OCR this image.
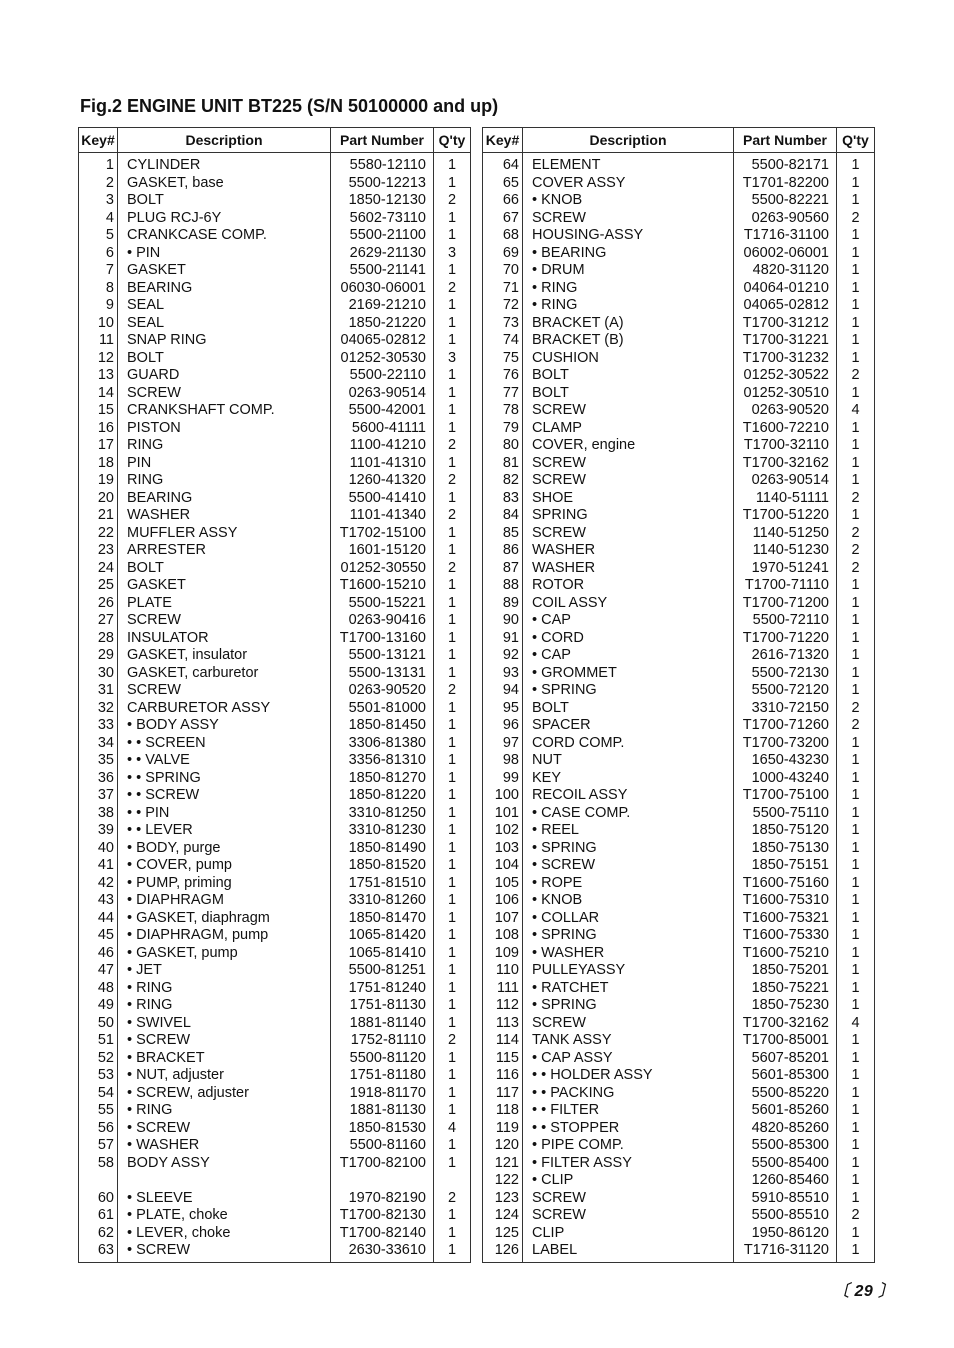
Fig.2 ENGINE UNIT BT225 (S/N 50100000 and up)
Key#	Description	Part Number	Q'ty
1	CYLINDER	5580-12110	1
2	GASKET, base	5500-12213	1
3	BOLT	1850-12130	2
4	PLUG RCJ-6Y	5602-73110	1
5	CRANKCASE COMP.	5500-21100	1
6	• PIN	2629-21130	3
7	GASKET	5500-21141	1
8	BEARING	06030-06001	2
9	SEAL	2169-21210	1
10	SEAL	1850-21220	1
11	SNAP RING	04065-02812	1
12	BOLT	01252-30530	3
13	GUARD	5500-22110	1
14	SCREW	0263-90514	1
15	CRANKSHAFT COMP.	5500-42001	1
16	PISTON	5600-41111	1
17	RING	1100-41210	2
18	PIN	1101-41310	1
19	RING	1260-41320	2
20	BEARING	5500-41410	1
21	WASHER	1101-41340	2
22	MUFFLER ASSY	T1702-15100	1
23	ARRESTER	1601-15120	1
24	BOLT	01252-30550	2
25	GASKET	T1600-15210	1
26	PLATE	5500-15221	1
27	SCREW	0263-90416	1
28	INSULATOR	T1700-13160	1
29	GASKET, insulator	5500-13121	1
30	GASKET, carburetor	5500-13131	1
31	SCREW	0263-90520	2
32	CARBURETOR ASSY	5501-81000	1
33	• BODY ASSY	1850-81450	1
34	• • SCREEN	3306-81380	1
35	• • VALVE	3356-81310	1
36	• • SPRING	1850-81270	1
37	• • SCREW	1850-81220	1
38	• • PIN	3310-81250	1
39	• • LEVER	3310-81230	1
40	• BODY, purge	1850-81490	1
41	• COVER, pump	1850-81520	1
42	• PUMP, priming	1751-81510	1
43	• DIAPHRAGM	3310-81260	1
44	• GASKET, diaphragm	1850-81470	1
45	• DIAPHRAGM, pump	1065-81420	1
46	• GASKET, pump	1065-81410	1
47	• JET	5500-81251	1
48	• RING	1751-81240	1
49	• RING	1751-81130	1
50	• SWIVEL	1881-81140	1
51	• SCREW	1752-81110	2
52	• BRACKET	5500-81120	1
53	• NUT, adjuster	1751-81180	1
54	• SCREW, adjuster	1918-81170	1
55	• RING	1881-81130	1
56	• SCREW	1850-81530	4
57	• WASHER	5500-81160	1
58	BODY ASSY	T1700-82100	1

60	• SLEEVE	1970-82190	2
61	• PLATE, choke	T1700-82130	1
62	• LEVER, choke	T1700-82140	1
63	• SCREW	2630-33610	1
Key#	Description	Part Number	Q'ty
64	ELEMENT	5500-82171	1
65	COVER ASSY	T1701-82200	1
66	• KNOB	5500-82221	1
67	SCREW	0263-90560	2
68	HOUSING-ASSY	T1716-31100	1
69	• BEARING	06002-06001	1
70	• DRUM	4820-31120	1
71	• RING	04064-01210	1
72	• RING	04065-02812	1
73	BRACKET (A)	T1700-31212	1
74	BRACKET (B)	T1700-31221	1
75	CUSHION	T1700-31232	1
76	BOLT	01252-30522	2
77	BOLT	01252-30510	1
78	SCREW	0263-90520	4
79	CLAMP	T1600-72210	1
80	COVER, engine	T1700-32110	1
81	SCREW	T1700-32162	1
82	SCREW	0263-90514	1
83	SHOE	1140-51111	2
84	SPRING	T1700-51220	1
85	SCREW	1140-51250	2
86	WASHER	1140-51230	2
87	WASHER	1970-51241	2
88	ROTOR	T1700-71110	1
89	COIL ASSY	T1700-71200	1
90	• CAP	5500-72110	1
91	• CORD	T1700-71220	1
92	• CAP	2616-71320	1
93	• GROMMET	5500-72130	1
94	• SPRING	5500-72120	1
95	BOLT	3310-72150	2
96	SPACER	T1700-71260	2
97	CORD COMP.	T1700-73200	1
98	NUT	1650-43230	1
99	KEY	1000-43240	1
100	RECOIL ASSY	T1700-75100	1
101	• CASE COMP.	5500-75110	1
102	• REEL	1850-75120	1
103	• SPRING	1850-75130	1
104	• SCREW	1850-75151	1
105	• ROPE	T1600-75160	1
106	• KNOB	T1600-75310	1
107	• COLLAR	T1600-75321	1
108	• SPRING	T1600-75330	1
109	• WASHER	T1600-75210	1
110	PULLEYASSY	1850-75201	1
111	• RATCHET	1850-75221	1
112	• SPRING	1850-75230	1
113	SCREW	T1700-32162	4
114	TANK ASSY	T1700-85001	1
115	• CAP ASSY	5607-85201	1
116	• • HOLDER ASSY	5601-85300	1
117	• • PACKING	5500-85220	1
118	• • FILTER	5601-85260	1
119	• • STOPPER	4820-85260	1
120	• PIPE COMP.	5500-85300	1
121	• FILTER ASSY	5500-85400	1
122	• CLIP	1260-85460	1
123	SCREW	5910-85510	1
124	SCREW	5500-85510	2
125	CLIP	1950-86120	1
126	LABEL	T1716-31120	1
〔 29 〕
